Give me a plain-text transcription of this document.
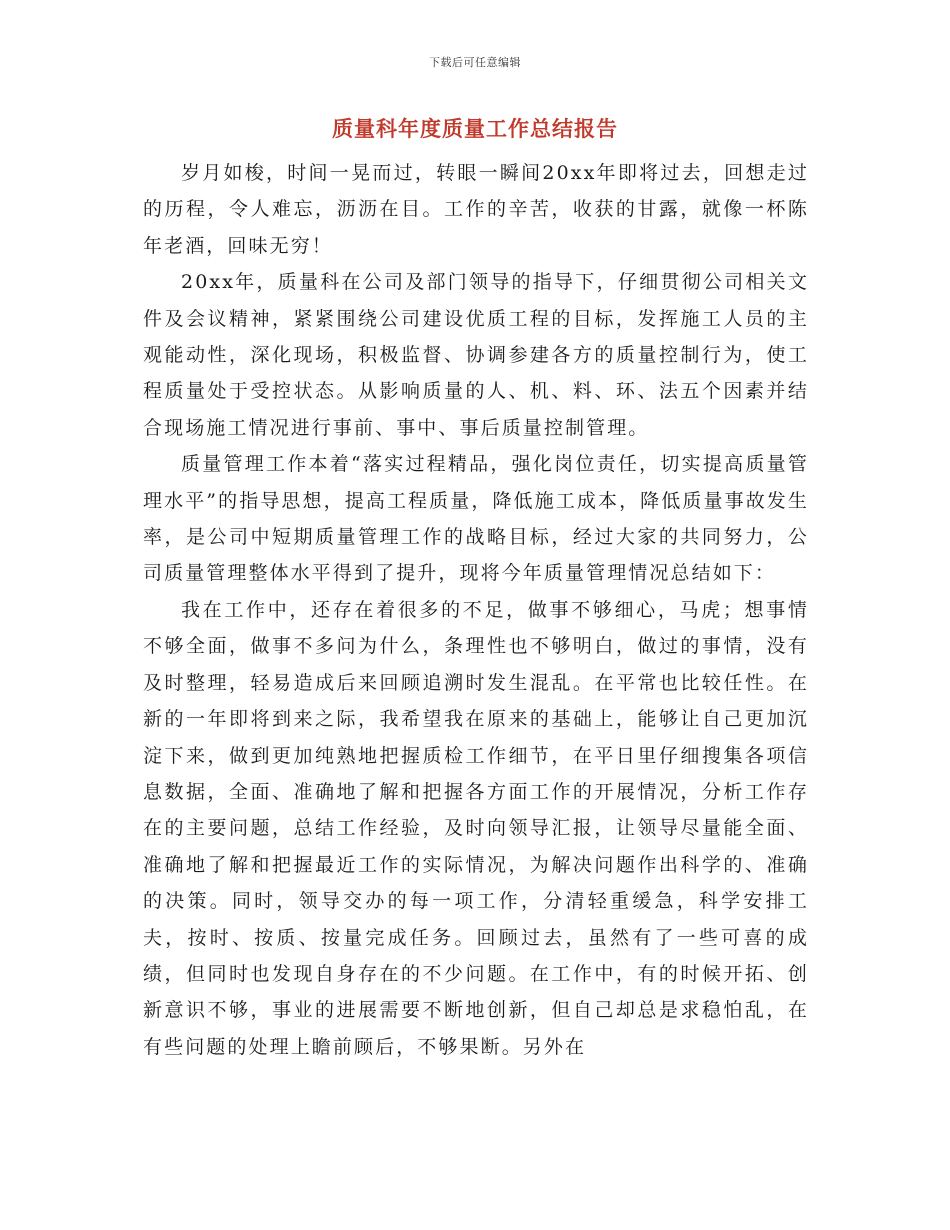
下载后可任意编辑
质量科年度质量工作总结报告

岁月如梭，时间一晃而过，转眼一瞬间20xx年即将过去，回想走过的历程，令人难忘，沥沥在目。工作的辛苦，收获的甘露，就像一杯陈年老酒，回味无穷！

20xx年，质量科在公司及部门领导的指导下，仔细贯彻公司相关文件及会议精神，紧紧围绕公司建设优质工程的目标，发挥施工人员的主观能动性，深化现场，积极监督、协调参建各方的质量控制行为，使工程质量处于受控状态。从影响质量的人、机、料、环、法五个因素并结合现场施工情况进行事前、事中、事后质量控制管理。

质量管理工作本着“落实过程精品，强化岗位责任，切实提高质量管理水平”的指导思想，提高工程质量，降低施工成本，降低质量事故发生率，是公司中短期质量管理工作的战略目标，经过大家的共同努力，公司质量管理整体水平得到了提升，现将今年质量管理情况总结如下：

我在工作中，还存在着很多的不足，做事不够细心，马虎；想事情不够全面，做事不多问为什么，条理性也不够明白，做过的事情，没有及时整理，轻易造成后来回顾追溯时发生混乱。在平常也比较任性。在新的一年即将到来之际，我希望我在原来的基础上，能够让自己更加沉淀下来，做到更加纯熟地把握质检工作细节，在平日里仔细搜集各项信息数据，全面、准确地了解和把握各方面工作的开展情况，分析工作存在的主要问题，总结工作经验，及时向领导汇报，让领导尽量能全面、准确地了解和把握最近工作的实际情况，为解决问题作出科学的、准确的决策。同时，领导交办的每一项工作，分清轻重缓急，科学安排工夫，按时、按质、按量完成任务。回顾过去，虽然有了一些可喜的成绩，但同时也发现自身存在的不少问题。在工作中，有的时候开拓、创新意识不够，事业的进展需要不断地创新，但自己却总是求稳怕乱，在有些问题的处理上瞻前顾后，不够果断。另外在
